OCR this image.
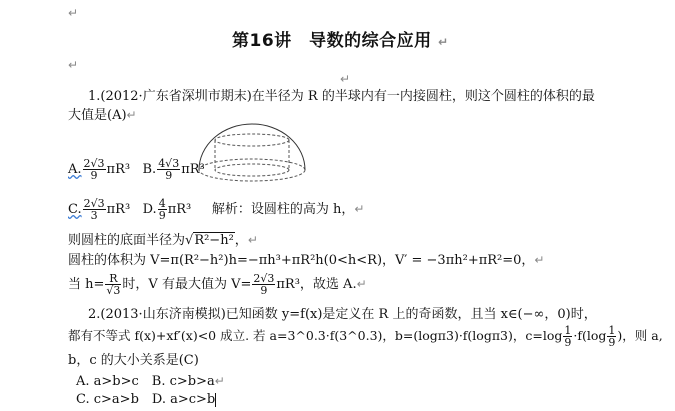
↵
↵
第16讲　导数的综合应用 ↵
↵
1.(2012·广东省深圳市期末)在半径为 R 的半球内有一内接圆柱，则这个圆柱的体积的最
大值是(A)↵
A. $\frac{2√3}{9} \pi R^3$ B. $\frac{4√3}{9} \pi R^3$
C. $\frac{2√3}{3} \pi R^3$ D. $\frac{4}{9} \pi R^3$ 解析：设圆柱的高为 h，↵
则圆柱的底面半径为√R²−h²，↵
圆柱的体积为 V=π(R²−h²)h=−πh³+πR²h(0<h<R)，V′ = −3πh²+πR²=0，↵
当 $h= \frac{R}{√3}$ 时，V 有最大值为 $V= \frac{2√3}{9} \pi R^3$，故选 A.↵
2.(2013·山东济南模拟)已知函数 y=f(x)是定义在 R 上的奇函数，且当 x∈(−∞，0)时，
都有不等式 f(x)+xf′(x)<0 成立. 若 a=3^0.3·f(3^0.3)，b=(logπ3)·f(logπ3)，$c=\log \frac{1}{9} \cdot f(\log \frac{1}{9}$ )，则 a,
b，c 的大小关系是(C)
A. a>b>c　B. c>b>a↵
C. c>a>b　D. a>c>b
